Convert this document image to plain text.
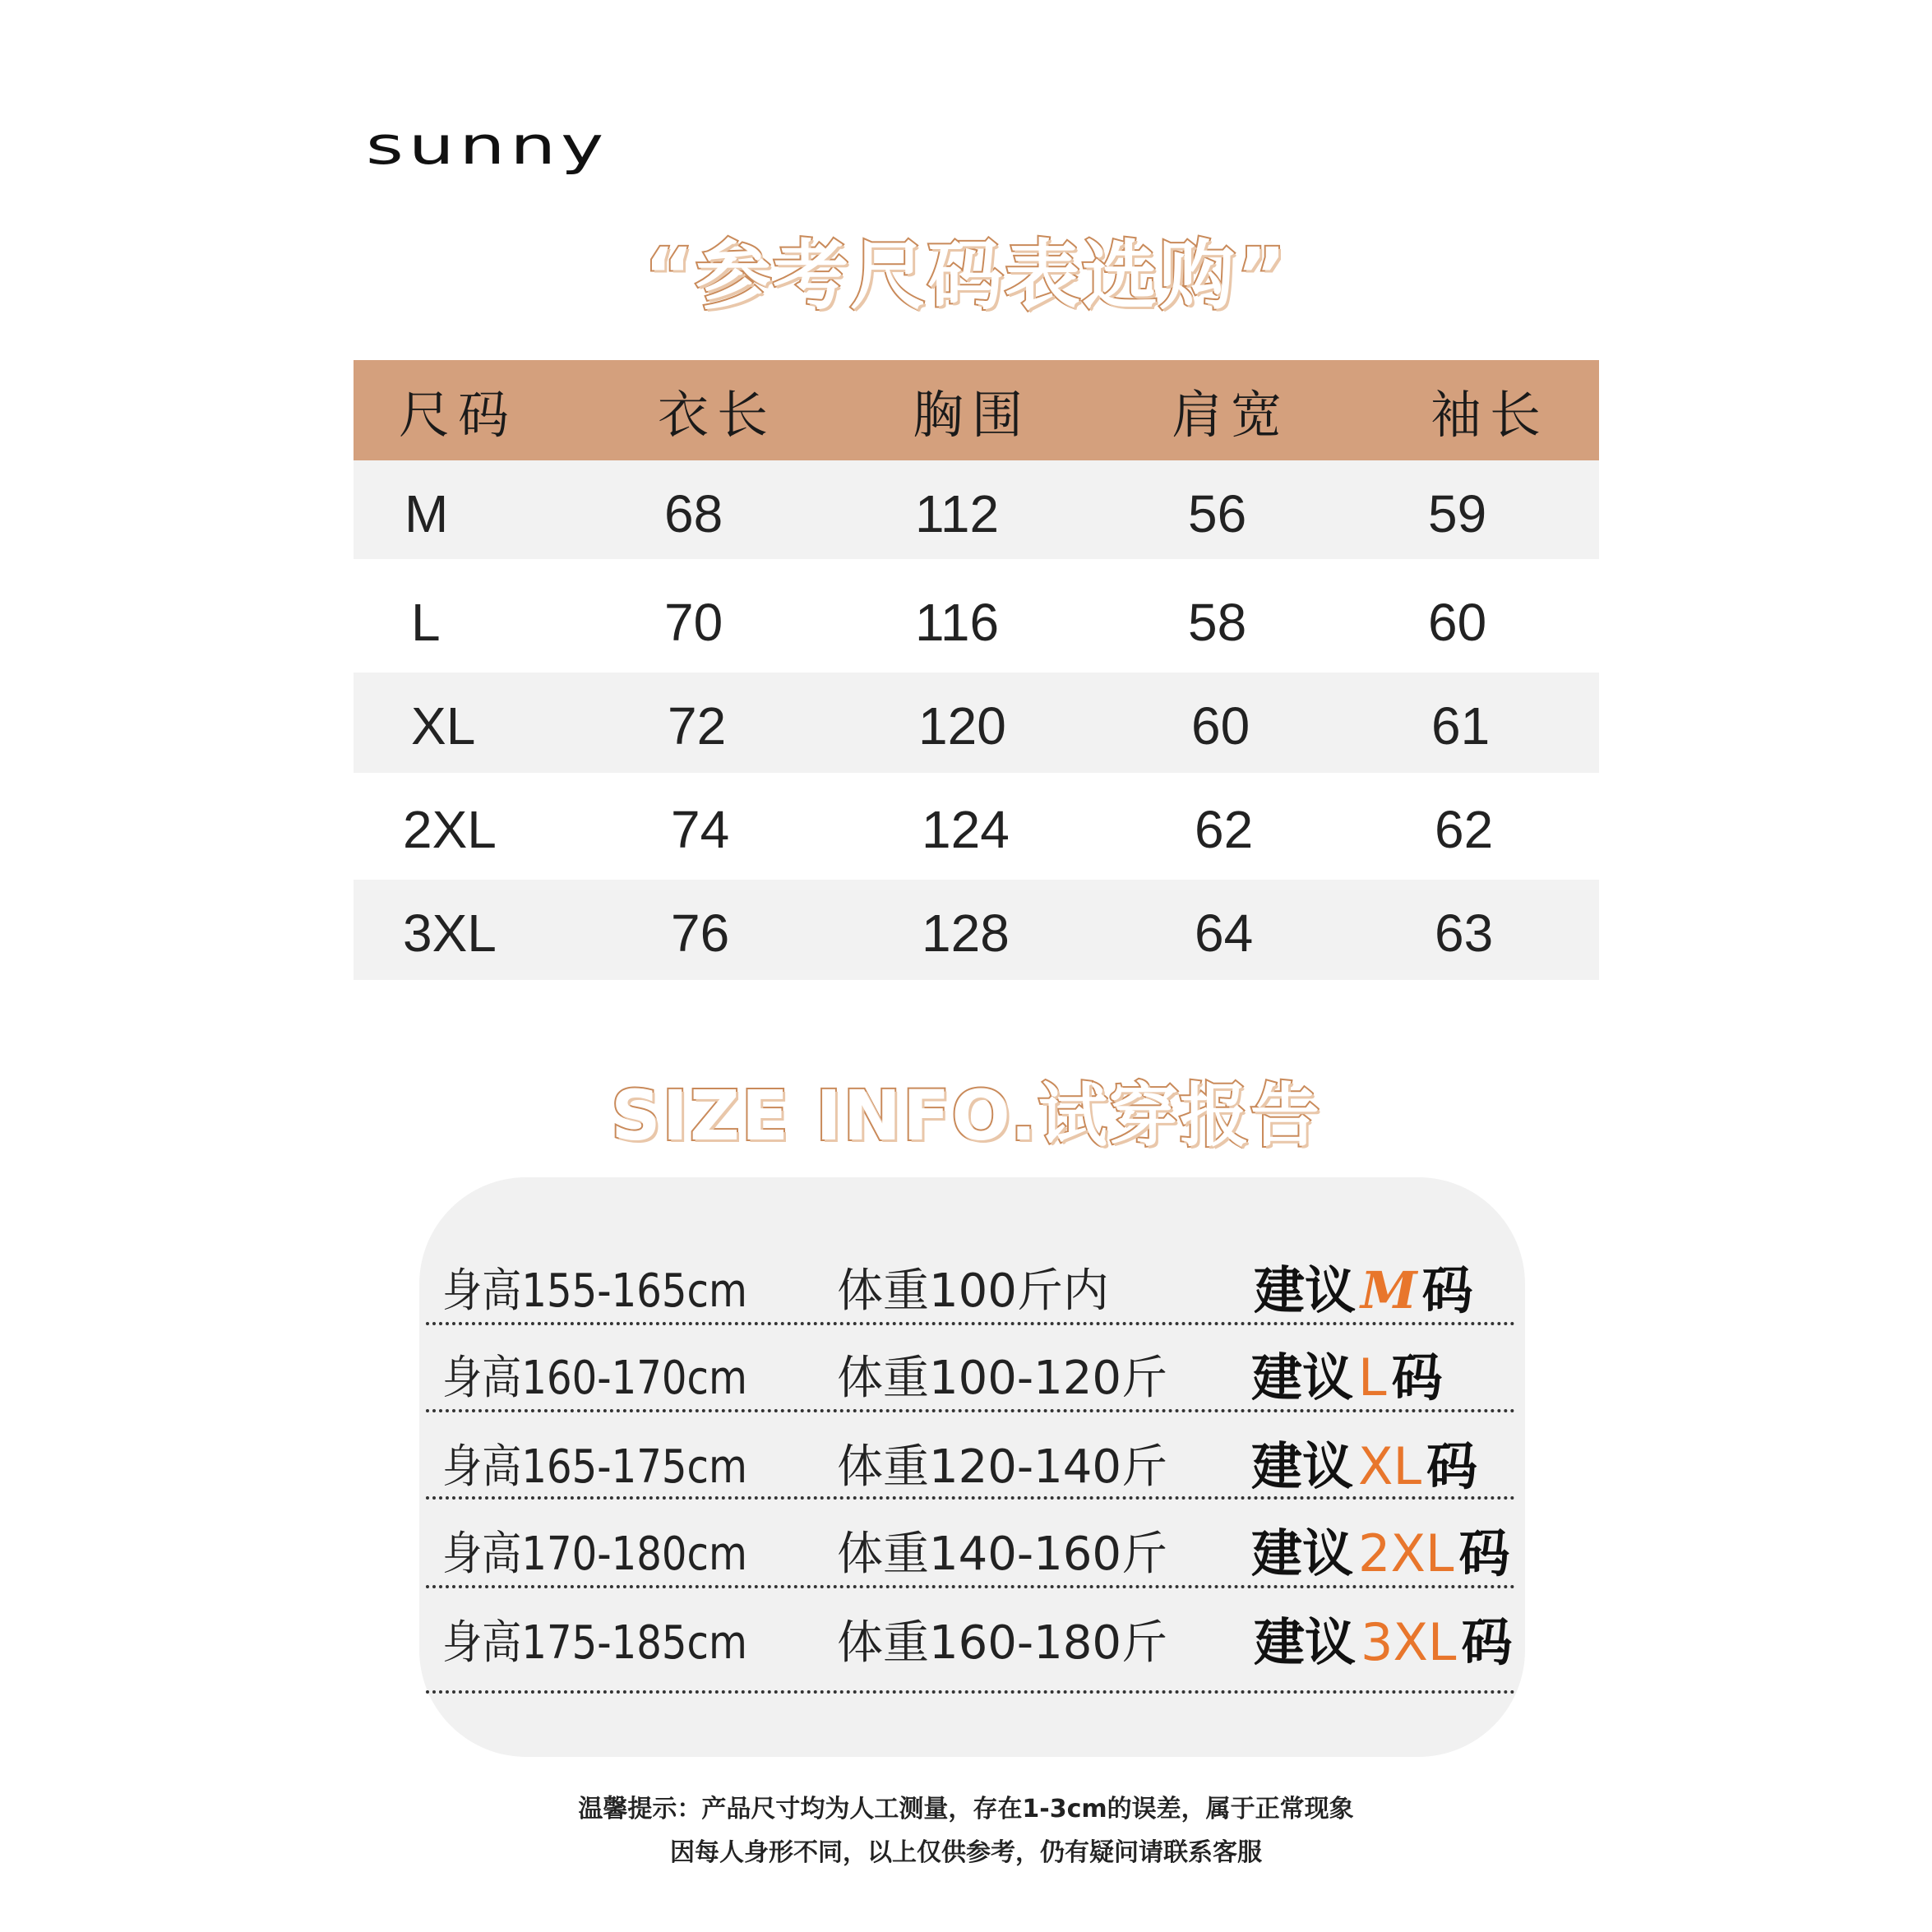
sunny
“参考尺码表选购”
尺码	衣长	胸围	肩宽	袖长
M	68	112	56	59
L	70	116	58	60
XL	72	120	60	61
2XL	74	124	62	62
3XL	76	128	64	63
SIZE INFO.试穿报告
身高155-165cm 体重100斤内	建议M码
身高160-170cm 体重100-120斤 建议L码
身高165-175cm 体重120-140斤 建议XL码
身高170-180cm 体重140-160斤 建议2XL码
身高175-185cm 体重160-180斤 建议3XL码
温馨提示：产品尺寸均为人工测量，存在1-3cm的误差，属于正常现象
因每人身形不同，以上仅供参考，仍有疑问请联系客服
